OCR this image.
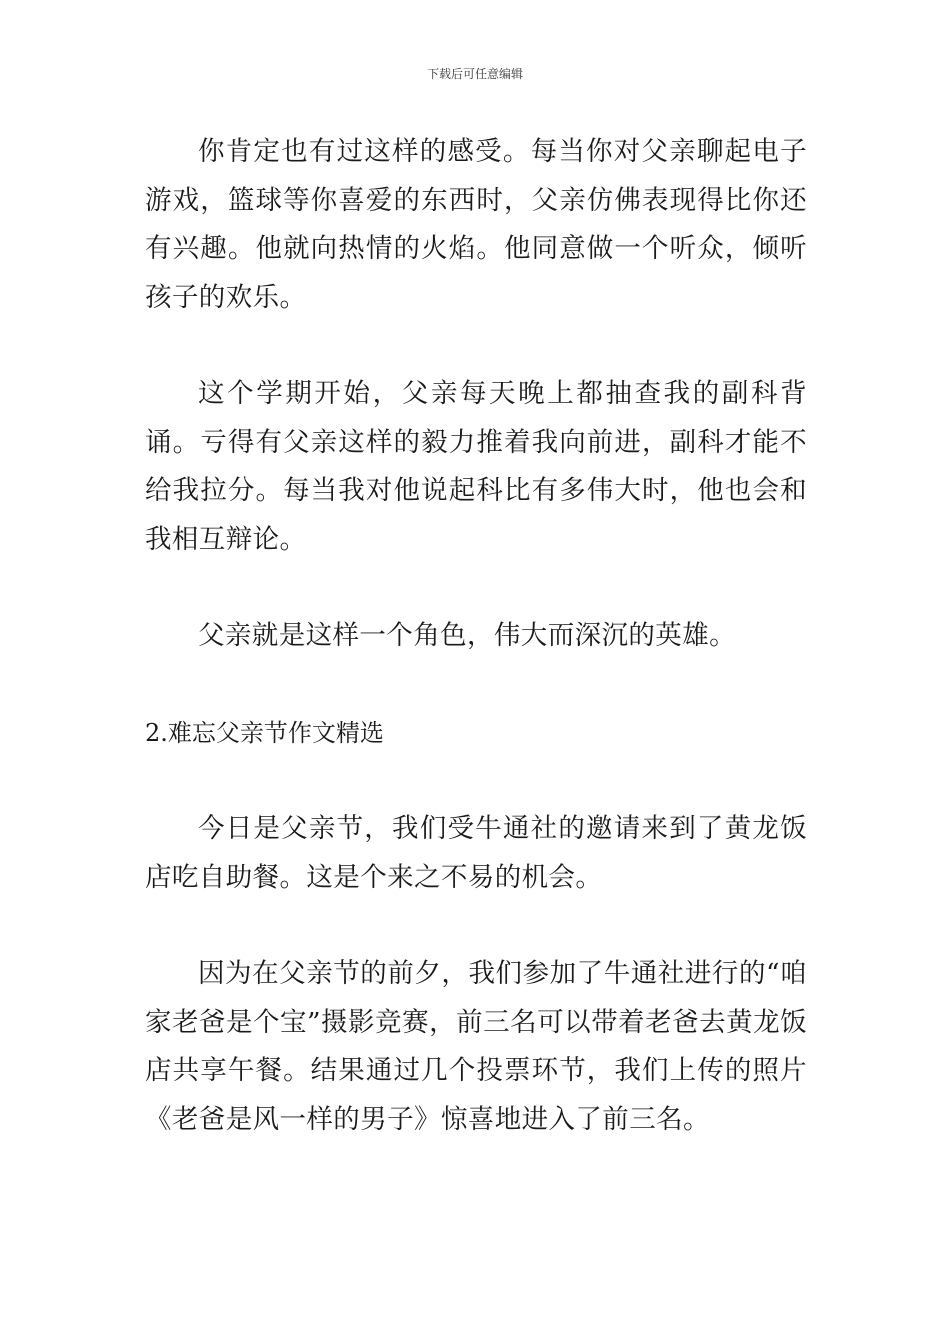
下载后可任意编辑

你肯定也有过这样的感受。每当你对父亲聊起电子游戏，篮球等你喜爱的东西时，父亲仿佛表现得比你还有兴趣。他就向热情的火焰。他同意做一个听众，倾听孩子的欢乐。

这个学期开始，父亲每天晚上都抽查我的副科背诵。亏得有父亲这样的毅力推着我向前进，副科才能不给我拉分。每当我对他说起科比有多伟大时，他也会和我相互辩论。

父亲就是这样一个角色，伟大而深沉的英雄。

2.难忘父亲节作文精选

今日是父亲节，我们受牛通社的邀请来到了黄龙饭店吃自助餐。这是个来之不易的机会。

因为在父亲节的前夕，我们参加了牛通社进行的“咱家老爸是个宝”摄影竞赛，前三名可以带着老爸去黄龙饭店共享午餐。结果通过几个投票环节，我们上传的照片《老爸是风一样的男子》惊喜地进入了前三名。
